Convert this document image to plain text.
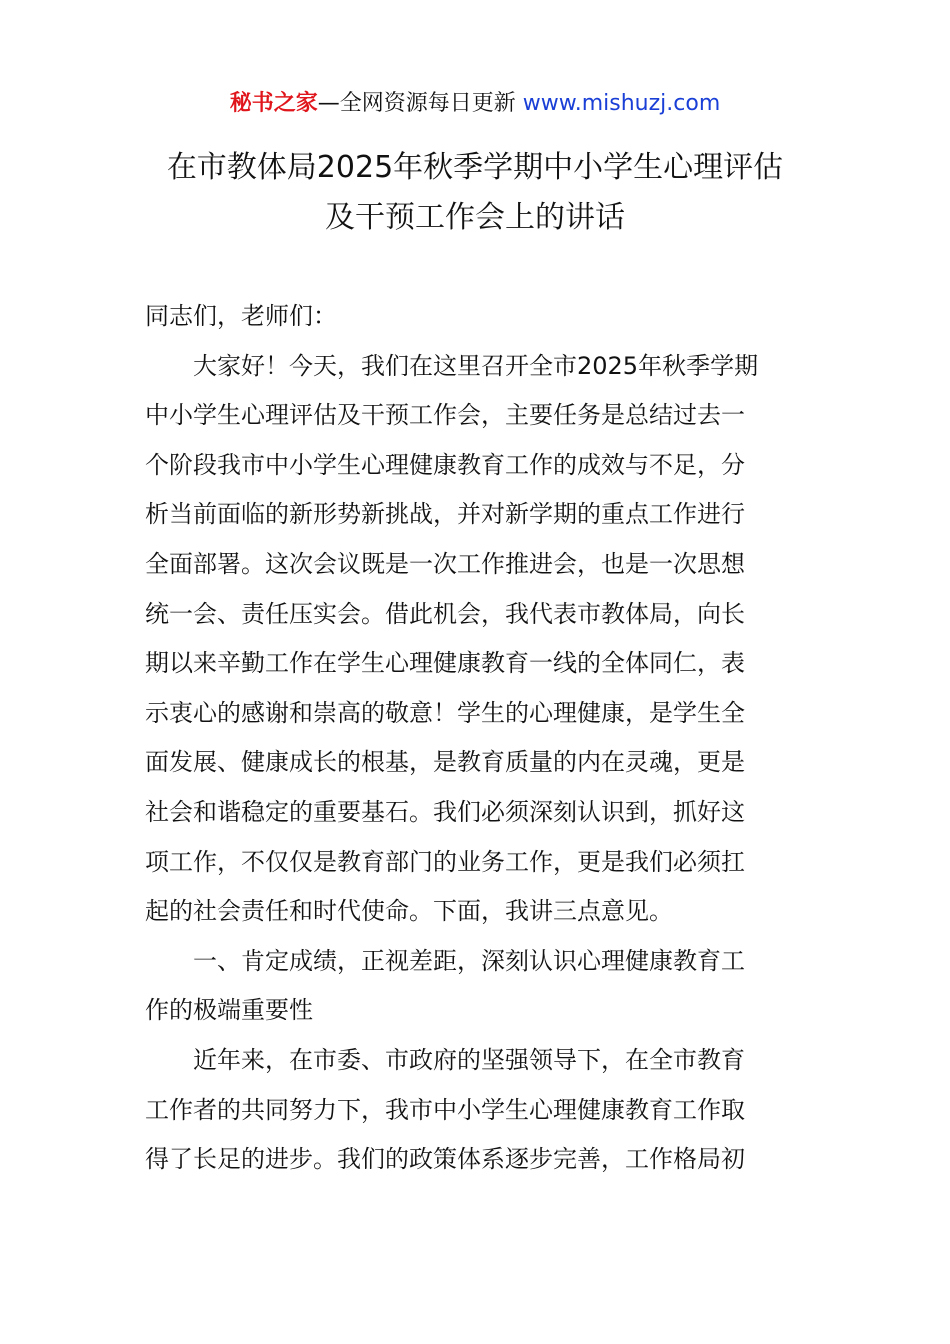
秘书之家—全网资源每日更新 www.mishuzj.com
在市教体局2025年秋季学期中小学生心理评估
及干预工作会上的讲话
同志们，老师们：
大家好！今天，我们在这里召开全市2025年秋季学期
中小学生心理评估及干预工作会，主要任务是总结过去一
个阶段我市中小学生心理健康教育工作的成效与不足，分
析当前面临的新形势新挑战，并对新学期的重点工作进行
全面部署。这次会议既是一次工作推进会，也是一次思想
统一会、责任压实会。借此机会，我代表市教体局，向长
期以来辛勤工作在学生心理健康教育一线的全体同仁，表
示衷心的感谢和崇高的敬意！学生的心理健康，是学生全
面发展、健康成长的根基，是教育质量的内在灵魂，更是
社会和谐稳定的重要基石。我们必须深刻认识到，抓好这
项工作，不仅仅是教育部门的业务工作，更是我们必须扛
起的社会责任和时代使命。下面，我讲三点意见。
一、肯定成绩，正视差距，深刻认识心理健康教育工
作的极端重要性
近年来，在市委、市政府的坚强领导下，在全市教育
工作者的共同努力下，我市中小学生心理健康教育工作取
得了长足的进步。我们的政策体系逐步完善，工作格局初
